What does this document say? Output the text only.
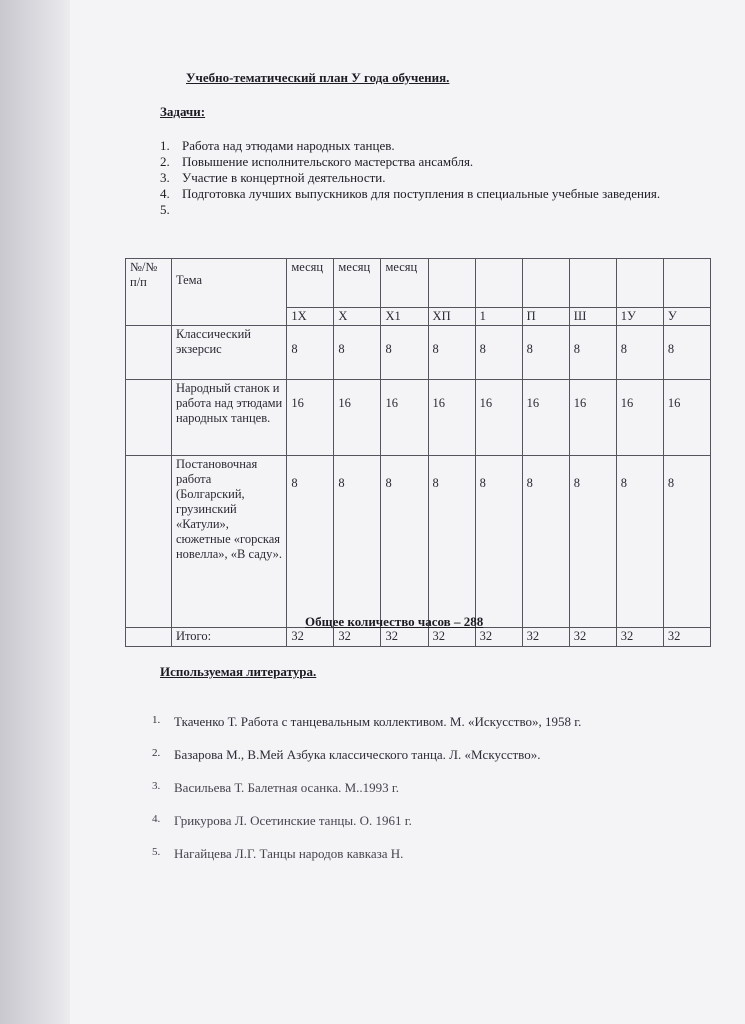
Учебно-тематический план У года обучения.
Задачи:
1. Работа над этюдами народных танцев.
2. Повышение исполнительского мастерства ансамбля.
3. Участие в концертной деятельности.
4. Подготовка лучших выпускников для поступления в специальные учебные заведения.
5.
№/№ п/п	Тема	месяц	месяц	месяц						
		1Х	Х	Х1	ХП	1	П	Ш	1У	У
	Классический экзерсис	8	8	8	8	8	8	8	8	8
	Народный станок и работа над этюдами народных танцев.	16	16	16	16	16	16	16	16	16
	Постановочная работа (Болгарский, грузинский «Катули», сюжетные «горская новелла», «В саду».	8	8	8	8	8	8	8	8	8
	Итого:	32	32	32	32	32	32	32	32	32
Общее количество часов – 288
Используемая литература.
1.	Ткаченко Т. Работа с танцевальным коллективом. М. «Искусство», 1958 г.
2.	Базарова М., В.Мей Азбука классического танца. Л. «Мскусство».
3.	Васильева Т. Балетная осанка. М..1993 г.
4.	Грикурова Л. Осетинские танцы. О. 1961 г.
5.	Нагайцева Л.Г. Танцы народов кавказа Н.
